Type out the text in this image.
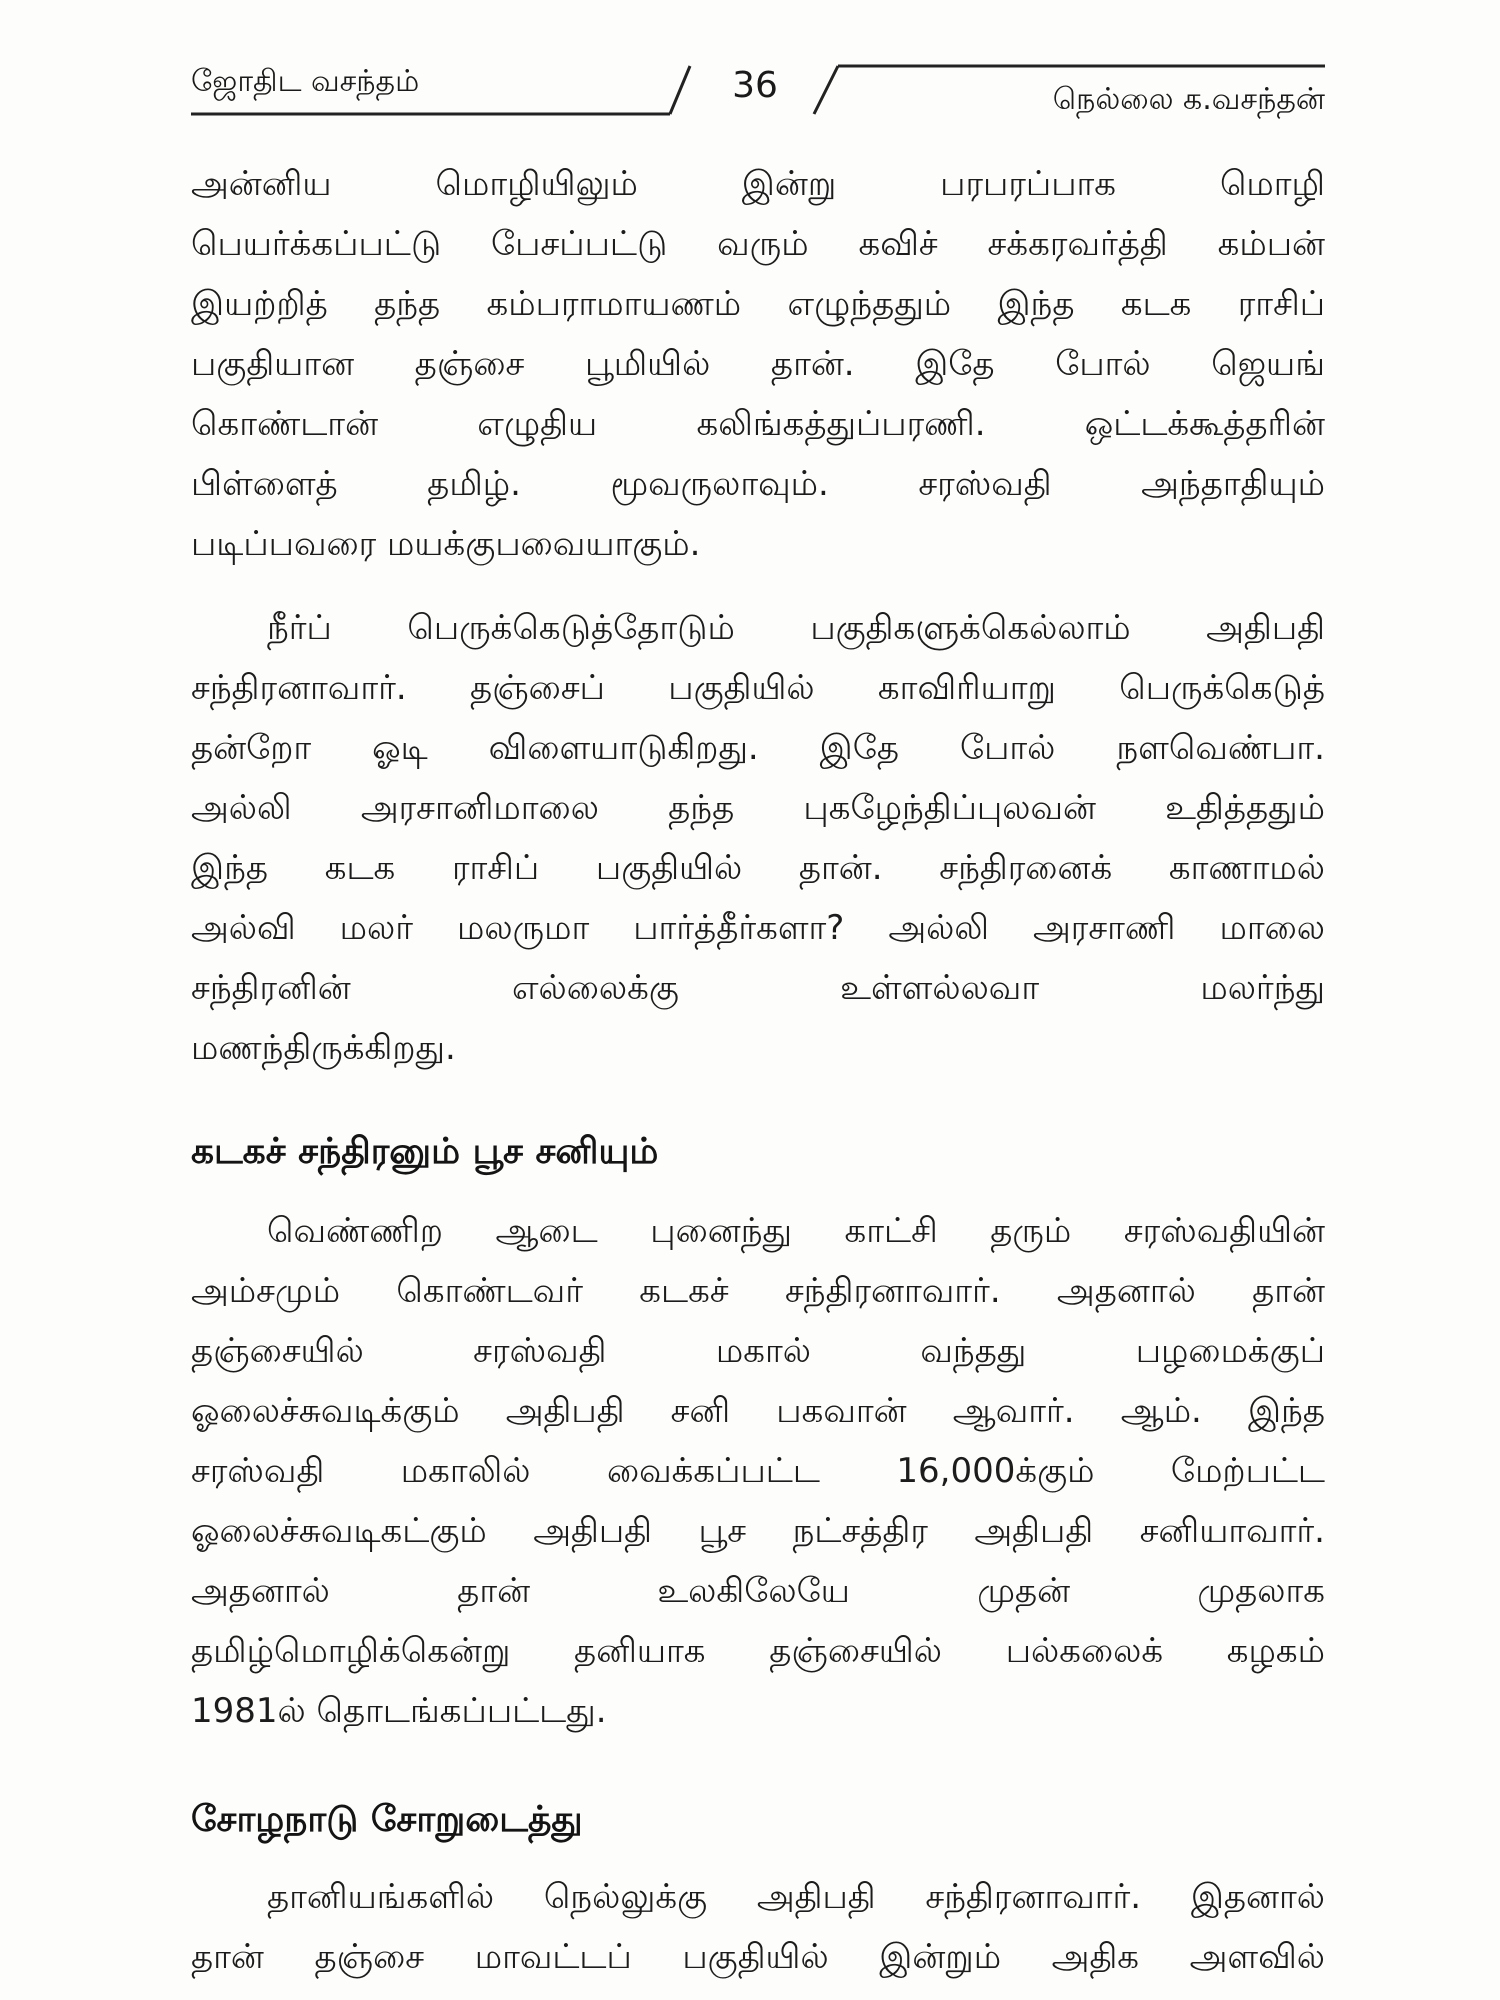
ஜோதிட வசந்தம்	36	நெல்லை க.வசந்தன்
அன்னிய மொழியிலும் இன்று பரபரப்பாக மொழி
பெயர்க்கப்பட்டு பேசப்பட்டு வரும் கவிச் சக்கரவர்த்தி கம்பன்
இயற்றித் தந்த கம்பராமாயணம் எழுந்ததும் இந்த கடக ராசிப்
பகுதியான தஞ்சை பூமியில் தான். இதே போல் ஜெயங்
கொண்டான் எழுதிய கலிங்கத்துப்பரணி. ஒட்டக்கூத்தரின்
பிள்ளைத் தமிழ். மூவருலாவும். சரஸ்வதி அந்தாதியும்
படிப்பவரை மயக்குபவையாகும்.
நீர்ப் பெருக்கெடுத்தோடும் பகுதிகளுக்கெல்லாம் அதிபதி
சந்திரனாவார். தஞ்சைப் பகுதியில் காவிரியாறு பெருக்கெடுத்
தன்றோ ஓடி விளையாடுகிறது. இதே போல் நளவெண்பா.
அல்லி அரசானிமாலை தந்த புகழேந்திப்புலவன் உதித்ததும்
இந்த கடக ராசிப் பகுதியில் தான். சந்திரனைக் காணாமல்
அல்வி மலர் மலருமா பார்த்தீர்களா? அல்லி அரசாணி மாலை
சந்திரனின் எல்லைக்கு உள்ளல்லவா மலர்ந்து
மணந்திருக்கிறது.
கடகச் சந்திரனும் பூச சனியும்
வெண்ணிற ஆடை புனைந்து காட்சி தரும் சரஸ்வதியின்
அம்சமும் கொண்டவர் கடகச் சந்திரனாவார். அதனால் தான்
தஞ்சையில் சரஸ்வதி மகால் வந்தது பழமைக்குப்
ஓலைச்சுவடிக்கும் அதிபதி சனி பகவான் ஆவார். ஆம். இந்த
சரஸ்வதி மகாலில் வைக்கப்பட்ட 16,000க்கும் மேற்பட்ட
ஓலைச்சுவடிகட்கும் அதிபதி பூச நட்சத்திர அதிபதி சனியாவார்.
அதனால் தான் உலகிலேயே முதன் முதலாக
தமிழ்மொழிக்கென்று தனியாக தஞ்சையில் பல்கலைக் கழகம்
1981ல் தொடங்கப்பட்டது.
சோழநாடு சோறுடைத்து
தானியங்களில் நெல்லுக்கு அதிபதி சந்திரனாவார். இதனால்
தான் தஞ்சை மாவட்டப் பகுதியில் இன்றும் அதிக அளவில்
